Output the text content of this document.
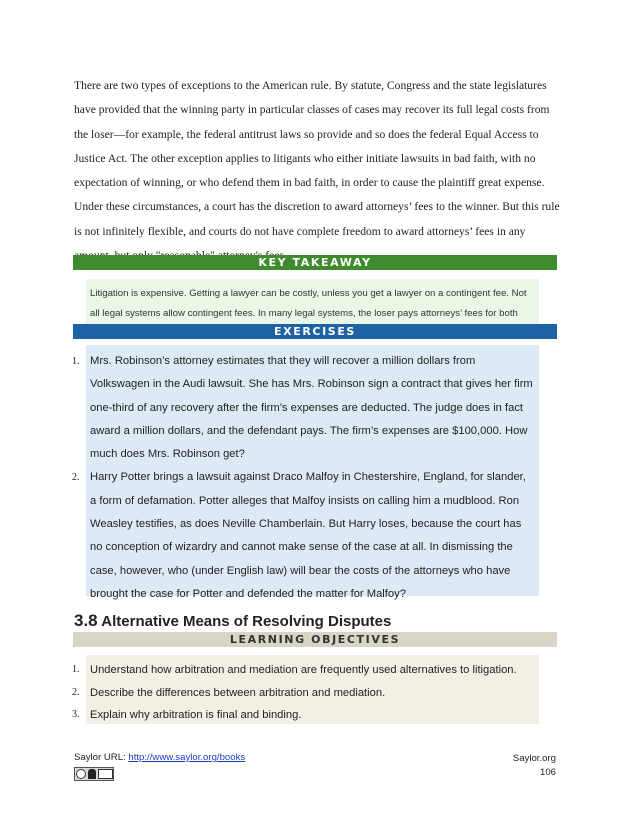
There are two types of exceptions to the American rule. By statute, Congress and the state legislatures have provided that the winning party in particular classes of cases may recover its full legal costs from the loser—for example, the federal antitrust laws so provide and so does the federal Equal Access to Justice Act. The other exception applies to litigants who either initiate lawsuits in bad faith, with no expectation of winning, or who defend them in bad faith, in order to cause the plaintiff great expense. Under these circumstances, a court has the discretion to award attorneys’ fees to the winner. But this rule is not infinitely flexible, and courts do not have complete freedom to award attorneys’ fees in any

KEY TAKEAWAY

Litigation is expensive. Getting a lawyer can be costly, unless you get a lawyer on a contingent fee. Not all legal systems allow contingent fees. In many legal systems, the loser pays attorneys’ fees for both

EXERCISES
1. Mrs. Robinson’s attorney estimates that they will recover a million dollars from Volkswagen in the Audi lawsuit. She has Mrs. Robinson sign a contract that gives her firm one-third of any recovery after the firm’s expenses are deducted. The judge does in fact award a million dollars, and the defendant pays. The firm’s expenses are $100,000. How much does Mrs. Robinson get?
2. Harry Potter brings a lawsuit against Draco Malfoy in Chestershire, England, for slander, a form of defamation. Potter alleges that Malfoy insists on calling him a mudblood. Ron Weasley testifies, as does Neville Chamberlain. But Harry loses, because the court has no conception of wizardry and cannot make sense of the case at all. In dismissing the case, however, who (under English law) will bear the costs of the attorneys who have brought the case for Potter and defended the matter for Malfoy?
3.8 Alternative Means of Resolving Disputes
LEARNING OBJECTIVES
1. Understand how arbitration and mediation are frequently used alternatives to litigation.
2. Describe the differences between arbitration and mediation.
3. Explain why arbitration is final and binding.
Saylor URL: http://www.saylor.org/books	Saylor.org
106
